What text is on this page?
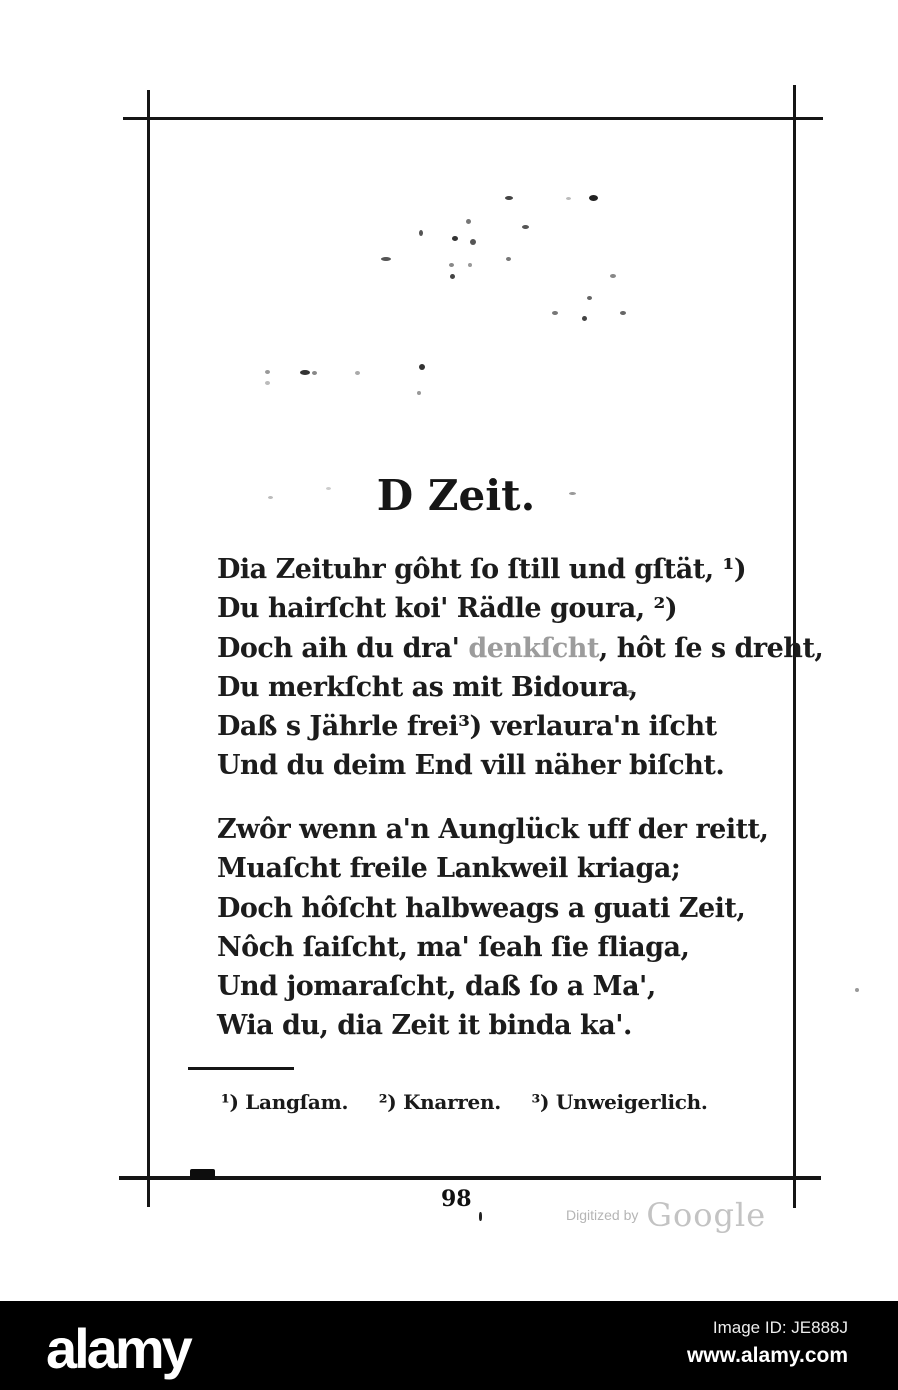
D Zeit.
Dia Zeituhr gôht ſo ſtill und gſtät, ¹)
Du hairſcht koi' Rädle goura, ²)
Doch aih du dra' denkſcht, hôt ſe s dreht,
Du merkſcht as mit Bidoura,
Daß s Jährle frei³) verlaura'n iſcht
Und du deim End vill näher biſcht.
Zwôr wenn a'n Aunglück uff der reitt,
Muaſcht freile Lankweil kriaga;
Doch hôſcht halbweags a guati Zeit,
Nôch ſaiſcht, ma' ſeah ſie fliaga,
Und jomaraſcht, daß ſo a Ma',
Wia du, dia Zeit it binda ka'.
¹) Langſam. ²) Knarren. ³) Unweigerlich.
98
Digitized by Google
alamy	Image ID: JE888J
www.alamy.com
